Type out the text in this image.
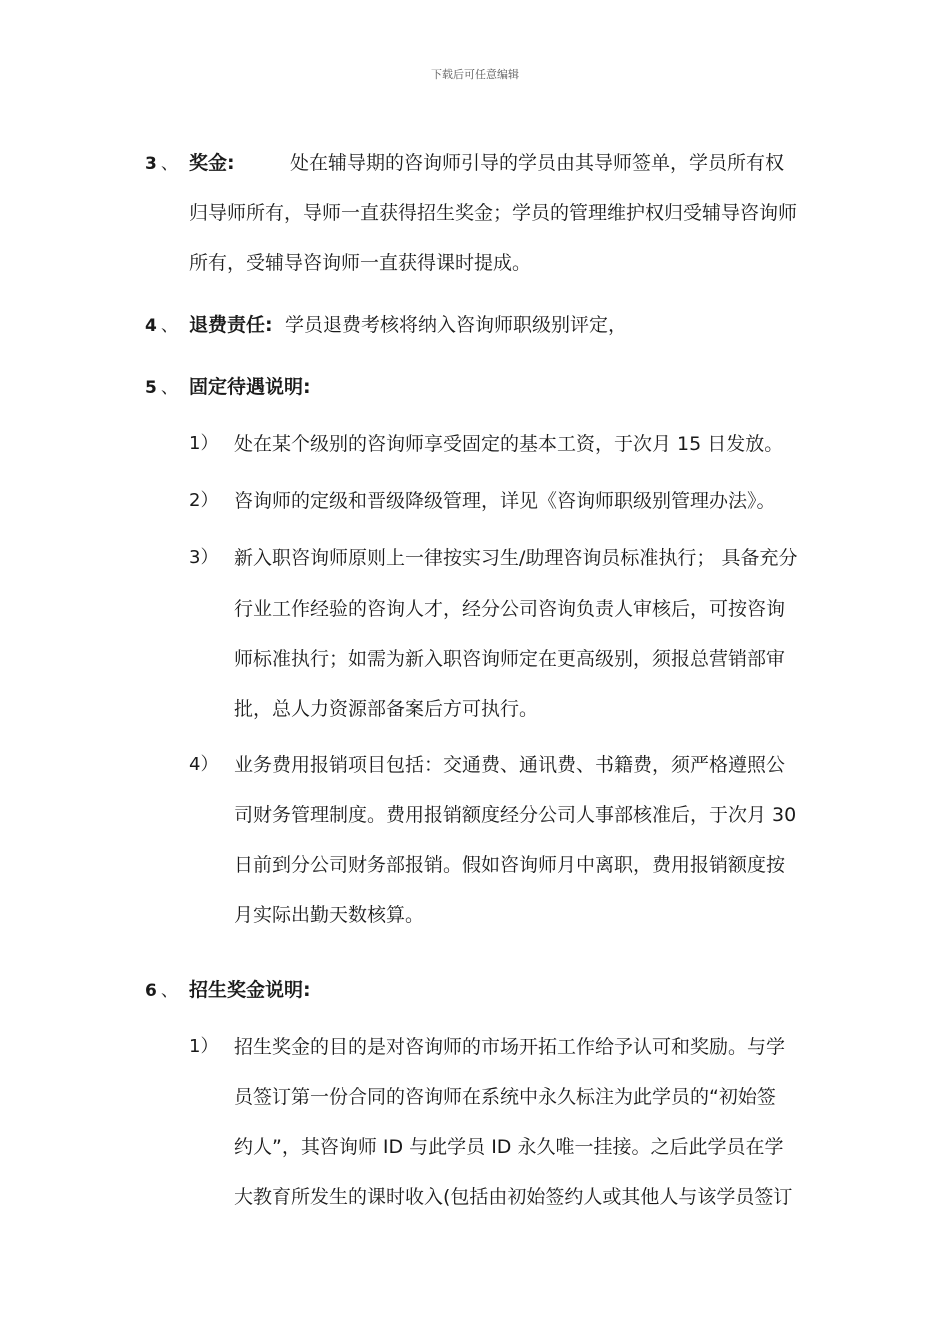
下载后可任意编辑
3 、 奖金:	处在辅导期的咨询师引导的学员由其导师签单，学员所有权
归导师所有，导师一直获得招生奖金；学员的管理维护权归受辅导咨询师
所有，受辅导咨询师一直获得课时提成。
4 、 退费责任: 学员退费考核将纳入咨询师职级别评定，
5 、 固定待遇说明:
1） 处在某个级别的咨询师享受固定的基本工资，于次月 15 日发放。
2） 咨询师的定级和晋级降级管理，详见《咨询师职级别管理办法》。
3） 新入职咨询师原则上一律按实习生/助理咨询员标准执行； 具备充分
行业工作经验的咨询人才，经分公司咨询负责人审核后，可按咨询
师标准执行；如需为新入职咨询师定在更高级别，须报总营销部审
批，总人力资源部备案后方可执行。
4） 业务费用报销项目包括：交通费、通讯费、书籍费，须严格遵照公
司财务管理制度。费用报销额度经分公司人事部核准后，于次月 30
日前到分公司财务部报销。假如咨询师月中离职，费用报销额度按
月实际出勤天数核算。
6 、 招生奖金说明:
1） 招生奖金的目的是对咨询师的市场开拓工作给予认可和奖励。与学
员签订第一份合同的咨询师在系统中永久标注为此学员的“初始签
约人”，其咨询师 ID 与此学员 ID 永久唯一挂接。之后此学员在学
大教育所发生的课时收入(包括由初始签约人或其他人与该学员签订
